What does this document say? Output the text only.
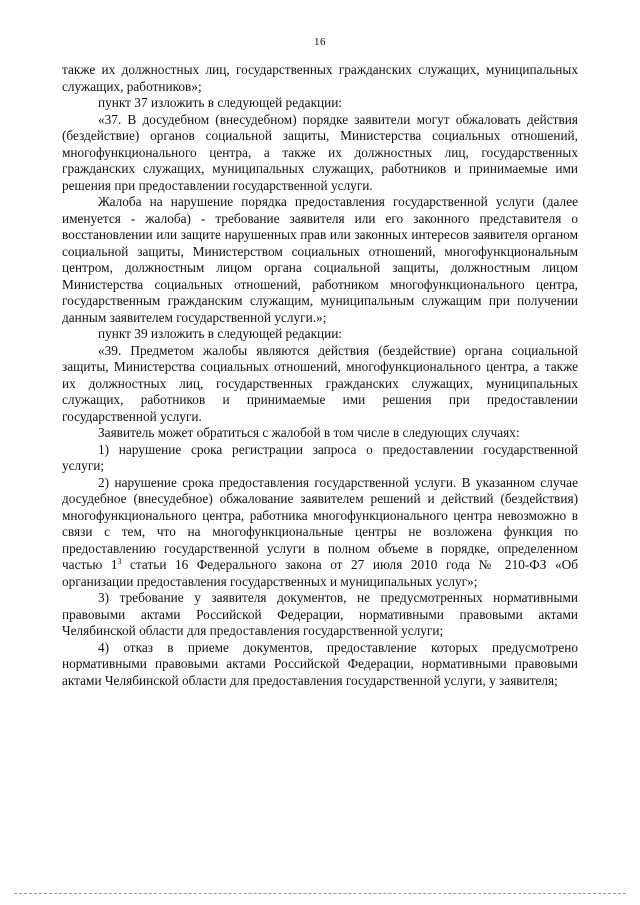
16

также их должностных лиц, государственных гражданских служащих, муниципальных служащих, работников»;

пункт 37 изложить в следующей редакции:

«37. В досудебном (внесудебном) порядке заявители могут обжаловать действия (бездействие) органов социальной защиты, Министерства социальных отношений, многофункционального центра, а также их должностных лиц, государственных гражданских служащих, муниципальных служащих, работников и принимаемые ими решения при предоставлении государственной услуги.

Жалоба на нарушение порядка предоставления государственной услуги (далее именуется - жалоба) - требование заявителя или его законного представителя о восстановлении или защите нарушенных прав или законных интересов заявителя органом социальной защиты, Министерством социальных отношений, многофункциональным центром, должностным лицом органа социальной защиты, должностным лицом Министерства социальных отношений, работником многофункционального центра, государственным гражданским служащим, муниципальным служащим при получении данным заявителем государственной услуги.»;

пункт 39 изложить в следующей редакции:

«39. Предметом жалобы являются действия (бездействие) органа социальной защиты, Министерства социальных отношений, многофункционального центра, а также их должностных лиц, государственных гражданских служащих, муниципальных служащих, работников и принимаемые ими решения при предоставлении государственной услуги.

Заявитель может обратиться с жалобой в том числе в следующих случаях:

1) нарушение срока регистрации запроса о предоставлении государственной услуги;

2) нарушение срока предоставления государственной услуги. В указанном случае досудебное (внесудебное) обжалование заявителем решений и действий (бездействия) многофункционального центра, работника многофункционального центра невозможно в связи с тем, что на многофункциональные центры не возложена функция по предоставлению государственной услуги в полном объеме в порядке, определенном частью $1^3$ статьи 16 Федерального закона от 27 июля 2010 года № 210-ФЗ «Об организации предоставления государственных и муниципальных услуг»;

3) требование у заявителя документов, не предусмотренных нормативными правовыми актами Российской Федерации, нормативными правовыми актами Челябинской области для предоставления государственной услуги;

4) отказ в приеме документов, предоставление которых предусмотрено нормативными правовыми актами Российской Федерации, нормативными правовыми актами Челябинской области для предоставления государственной услуги, у заявителя;
